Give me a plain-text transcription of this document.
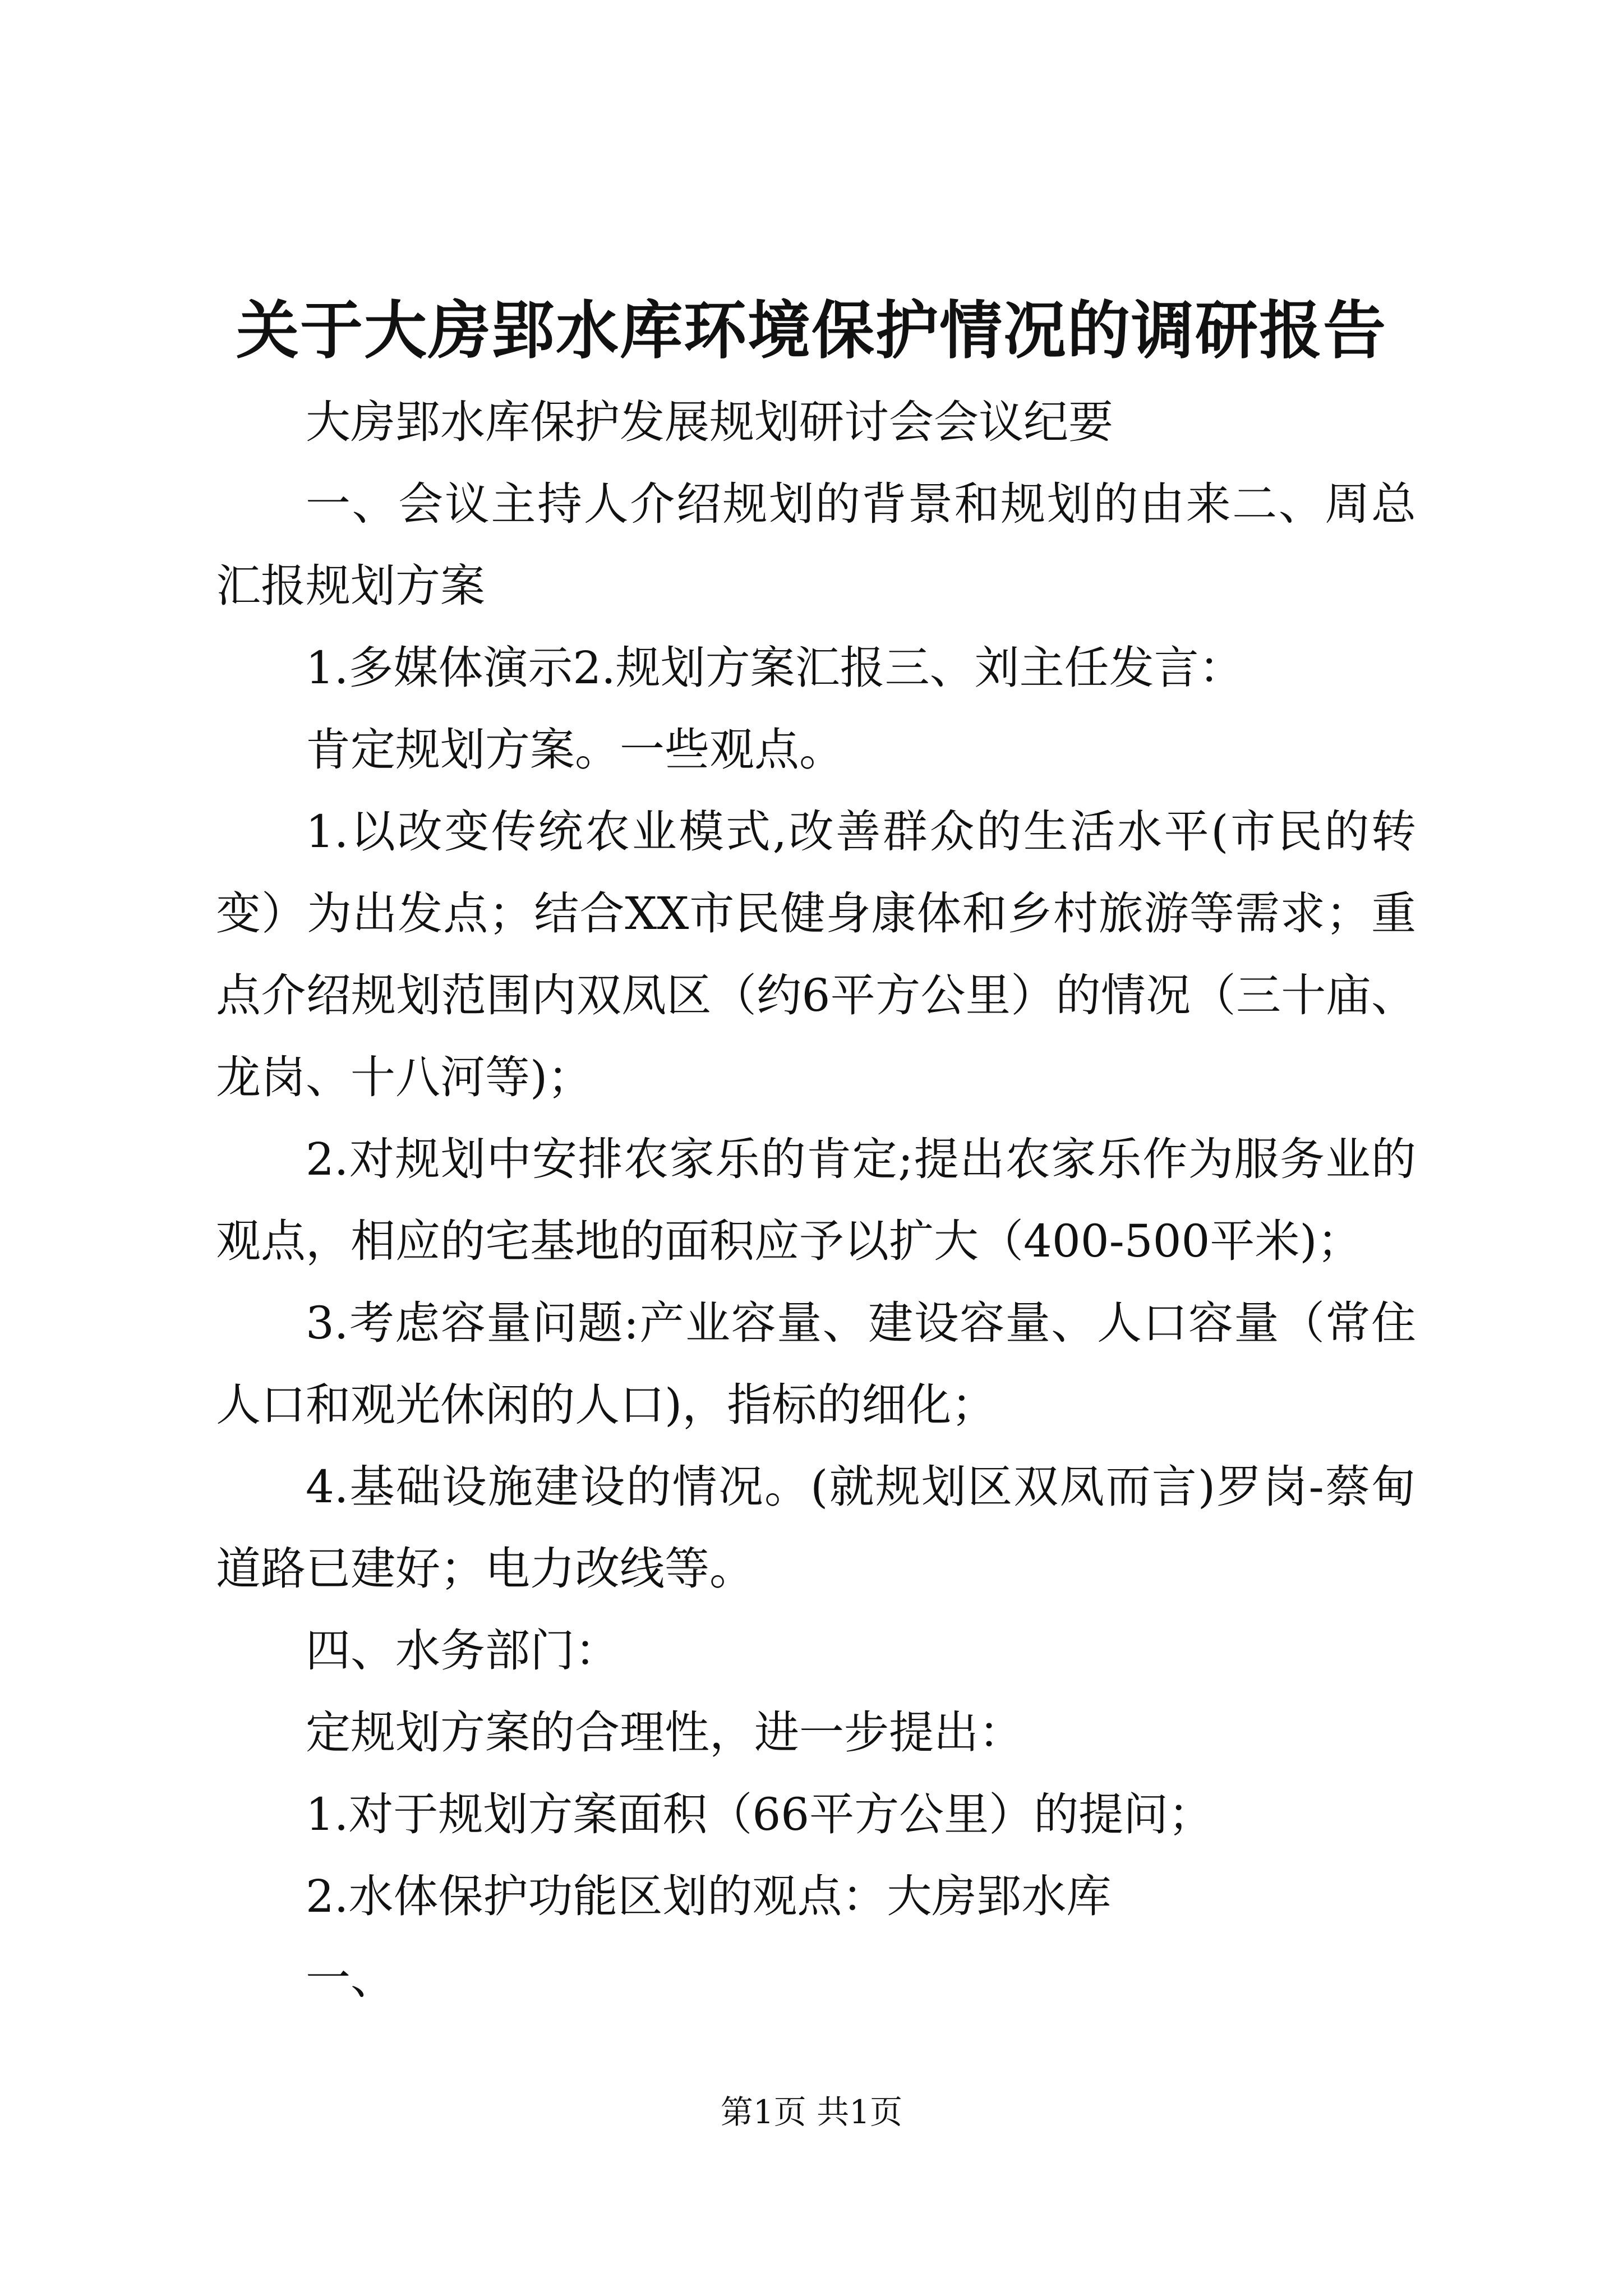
关于大房郢水库环境保护情况的调研报告

大房郢水库保护发展规划研讨会会议纪要

一、会议主持人介绍规划的背景和规划的由来二、周总汇报规划方案

1.多媒体演示2.规划方案汇报三、刘主任发言：

肯定规划方案。一些观点。

1.以改变传统农业模式,改善群众的生活水平(市民的转变）为出发点；结合XX市民健身康体和乡村旅游等需求；重点介绍规划范围内双凤区（约6平方公里）的情况（三十庙、龙岗、十八河等)；

2.对规划中安排农家乐的肯定;提出农家乐作为服务业的观点，相应的宅基地的面积应予以扩大（400-500平米)；

3.考虑容量问题:产业容量、建设容量、人口容量（常住人口和观光休闲的人口)，指标的细化；

4.基础设施建设的情况。(就规划区双凤而言)罗岗-蔡甸道路已建好；电力改线等。

四、水务部门：

定规划方案的合理性，进一步提出：

1.对于规划方案面积（66平方公里）的提问；

2.水体保护功能区划的观点：大房郢水库

一、

第1页 共1页
